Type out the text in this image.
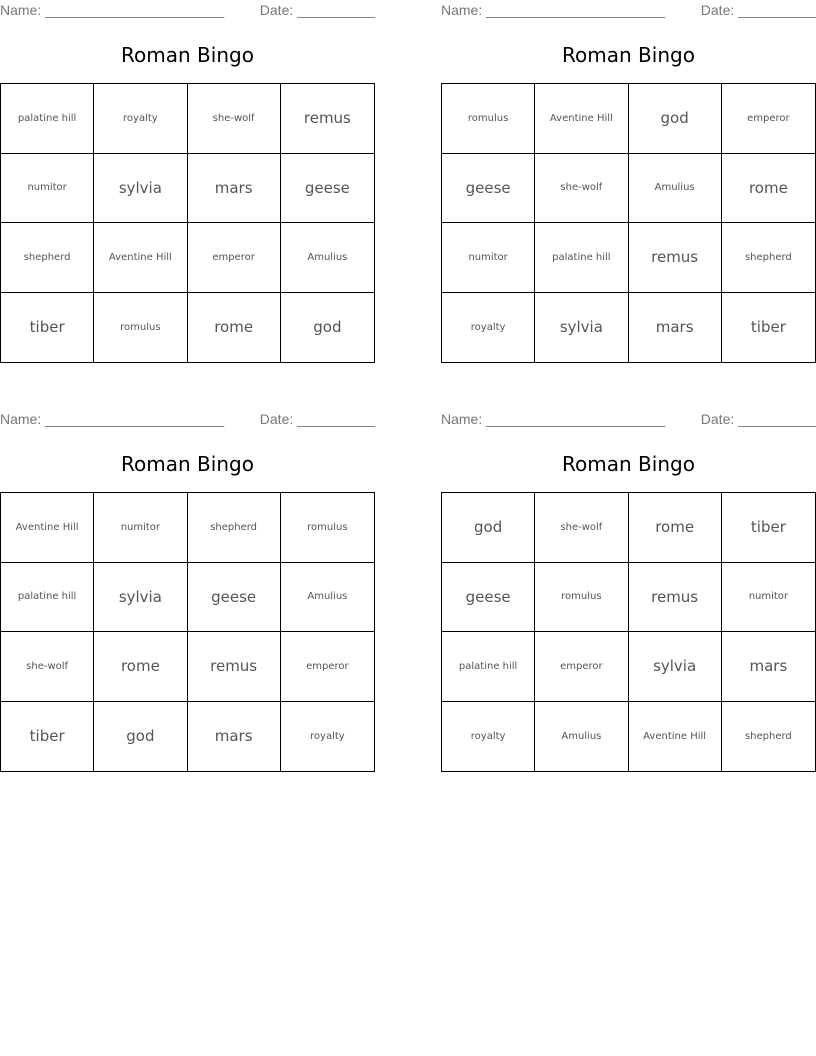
Name: _______________________	Date: __________
Roman Bingo
palatine hill	royalty	she-wolf	remus
numitor	sylvia	mars	geese
shepherd	Aventine Hill	emperor	Amulius
tiber	romulus	rome	god
Name: _______________________	Date: __________
Roman Bingo
romulus	Aventine Hill	god	emperor
geese	she-wolf	Amulius	rome
numitor	palatine hill	remus	shepherd
royalty	sylvia	mars	tiber
Name: _______________________	Date: __________
Roman Bingo
Aventine Hill	numitor	shepherd	romulus
palatine hill	sylvia	geese	Amulius
she-wolf	rome	remus	emperor
tiber	god	mars	royalty
Name: _______________________	Date: __________
Roman Bingo
god	she-wolf	rome	tiber
geese	romulus	remus	numitor
palatine hill	emperor	sylvia	mars
royalty	Amulius	Aventine Hill	shepherd
